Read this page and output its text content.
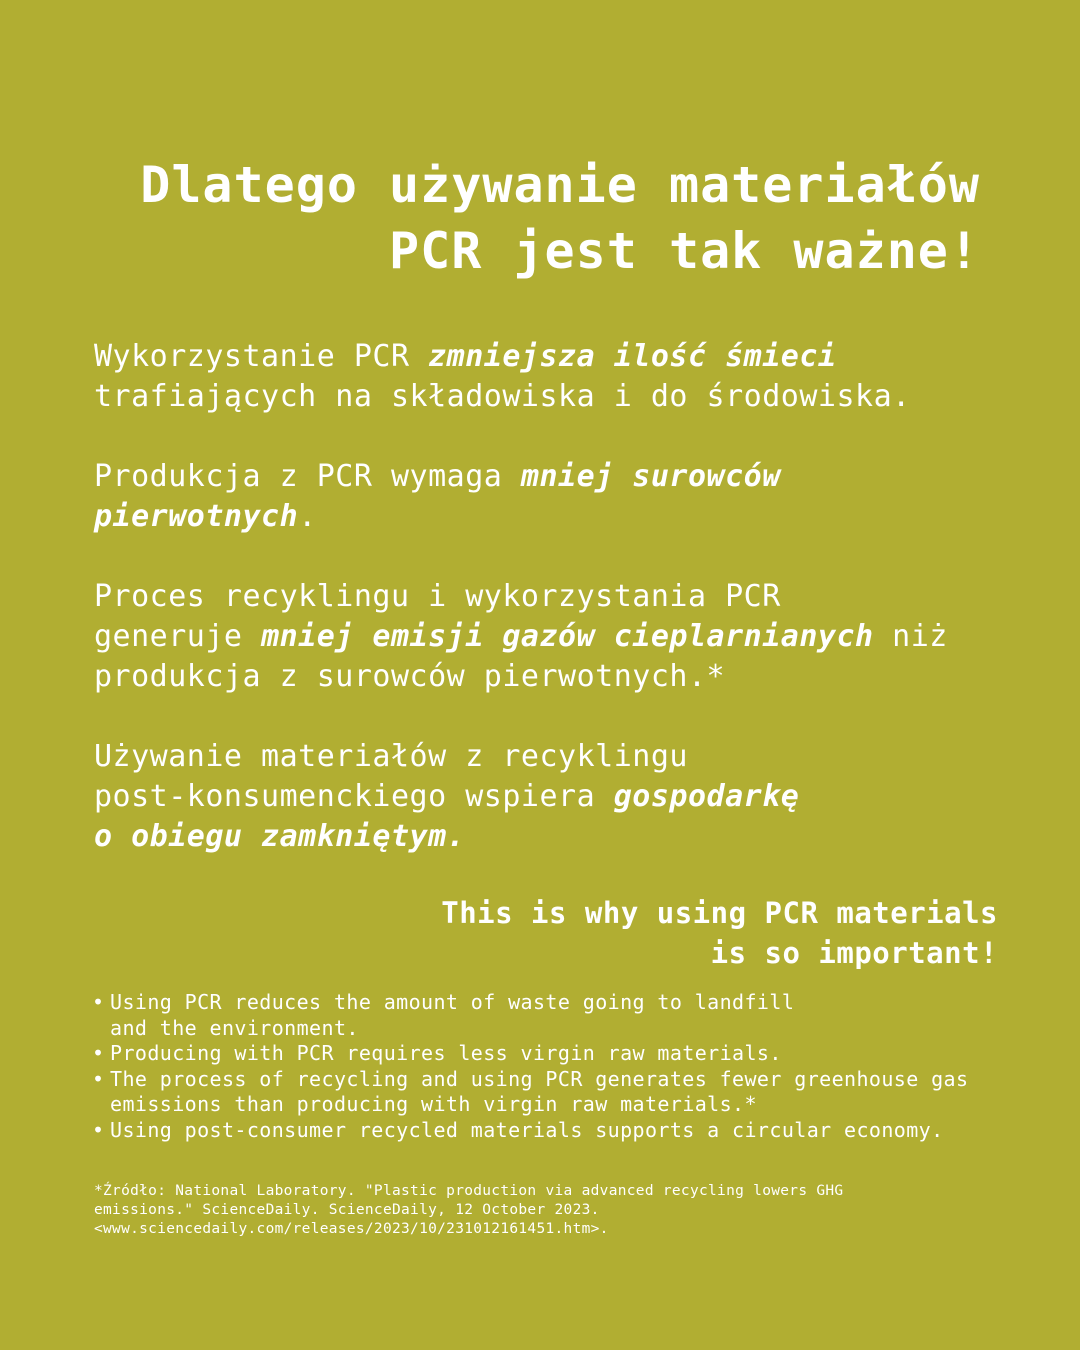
Dlatego używanie materiałów
PCR jest tak ważne!

Wykorzystanie PCR zmniejsza ilość śmieci
trafiających na składowiska i do środowiska.

Produkcja z PCR wymaga mniej surowców
pierwotnych.

Proces recyklingu i wykorzystania PCR
generuje mniej emisji gazów cieplarnianych niż
produkcja z surowców pierwotnych.*

Używanie materiałów z recyklingu
post-konsumenckiego wspiera gospodarkę
o obiegu zamkniętym.

This is why using PCR materials
is so important!
• Using PCR reduces the amount of waste going to landfill
and the environment.
• Producing with PCR requires less virgin raw materials.
• The process of recycling and using PCR generates fewer greenhouse gas
emissions than producing with virgin raw materials.*
• Using post-consumer recycled materials supports a circular economy.

*Źródło: National Laboratory. "Plastic production via advanced recycling lowers GHG
emissions." ScienceDaily. ScienceDaily, 12 October 2023.
<www.sciencedaily.com/releases/2023/10/231012161451.htm>.
